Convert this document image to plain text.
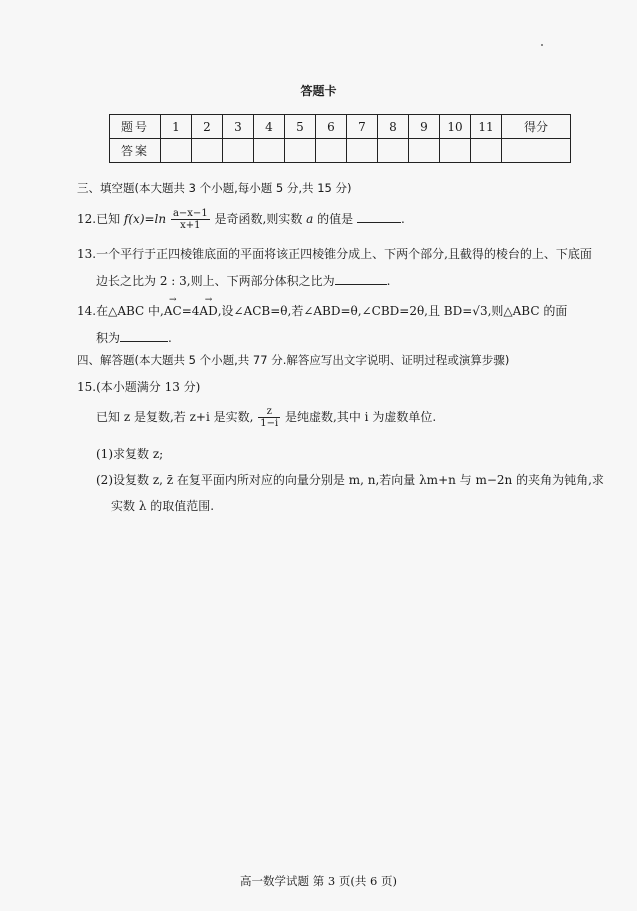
答题卡
题号	1	2	3	4	5	6	7	8	9	10	11	得分
答案												
三、填空题(本大题共 3 个小题,每小题 5 分,共 15 分)
12.已知 $f(x)=\ln \frac{a-x-1}{x+1}$ 是奇函数,则实数 a 的值是	.
13.一个平行于正四棱锥底面的平面将该正四棱锥分成上、下两个部分,且截得的棱台的上、下底面
边长之比为 2 : 3,则上、下两部分体积之比为	.
14.在△ABC 中,→ AC=4→ AD,设∠ACB=θ,若∠ABD=θ,∠CBD=2θ,且 BD=√3,则△ABC 的面
积为	.
四、解答题(本大题共 5 个小题,共 77 分.解答应写出文字说明、证明过程或演算步骤)
15.(本小题满分 13 分)
已知 z 是复数,若 z+i 是实数, $\frac{z}{1-i}$ 是纯虚数,其中 i 为虚数单位.
(1)求复数 z;
(2)设复数 z, z̄ 在复平面内所对应的向量分别是 m, n,若向量 λm+n 与 m−2n 的夹角为钝角,求
实数 λ 的取值范围.
高一数学试题 第 3 页(共 6 页)
